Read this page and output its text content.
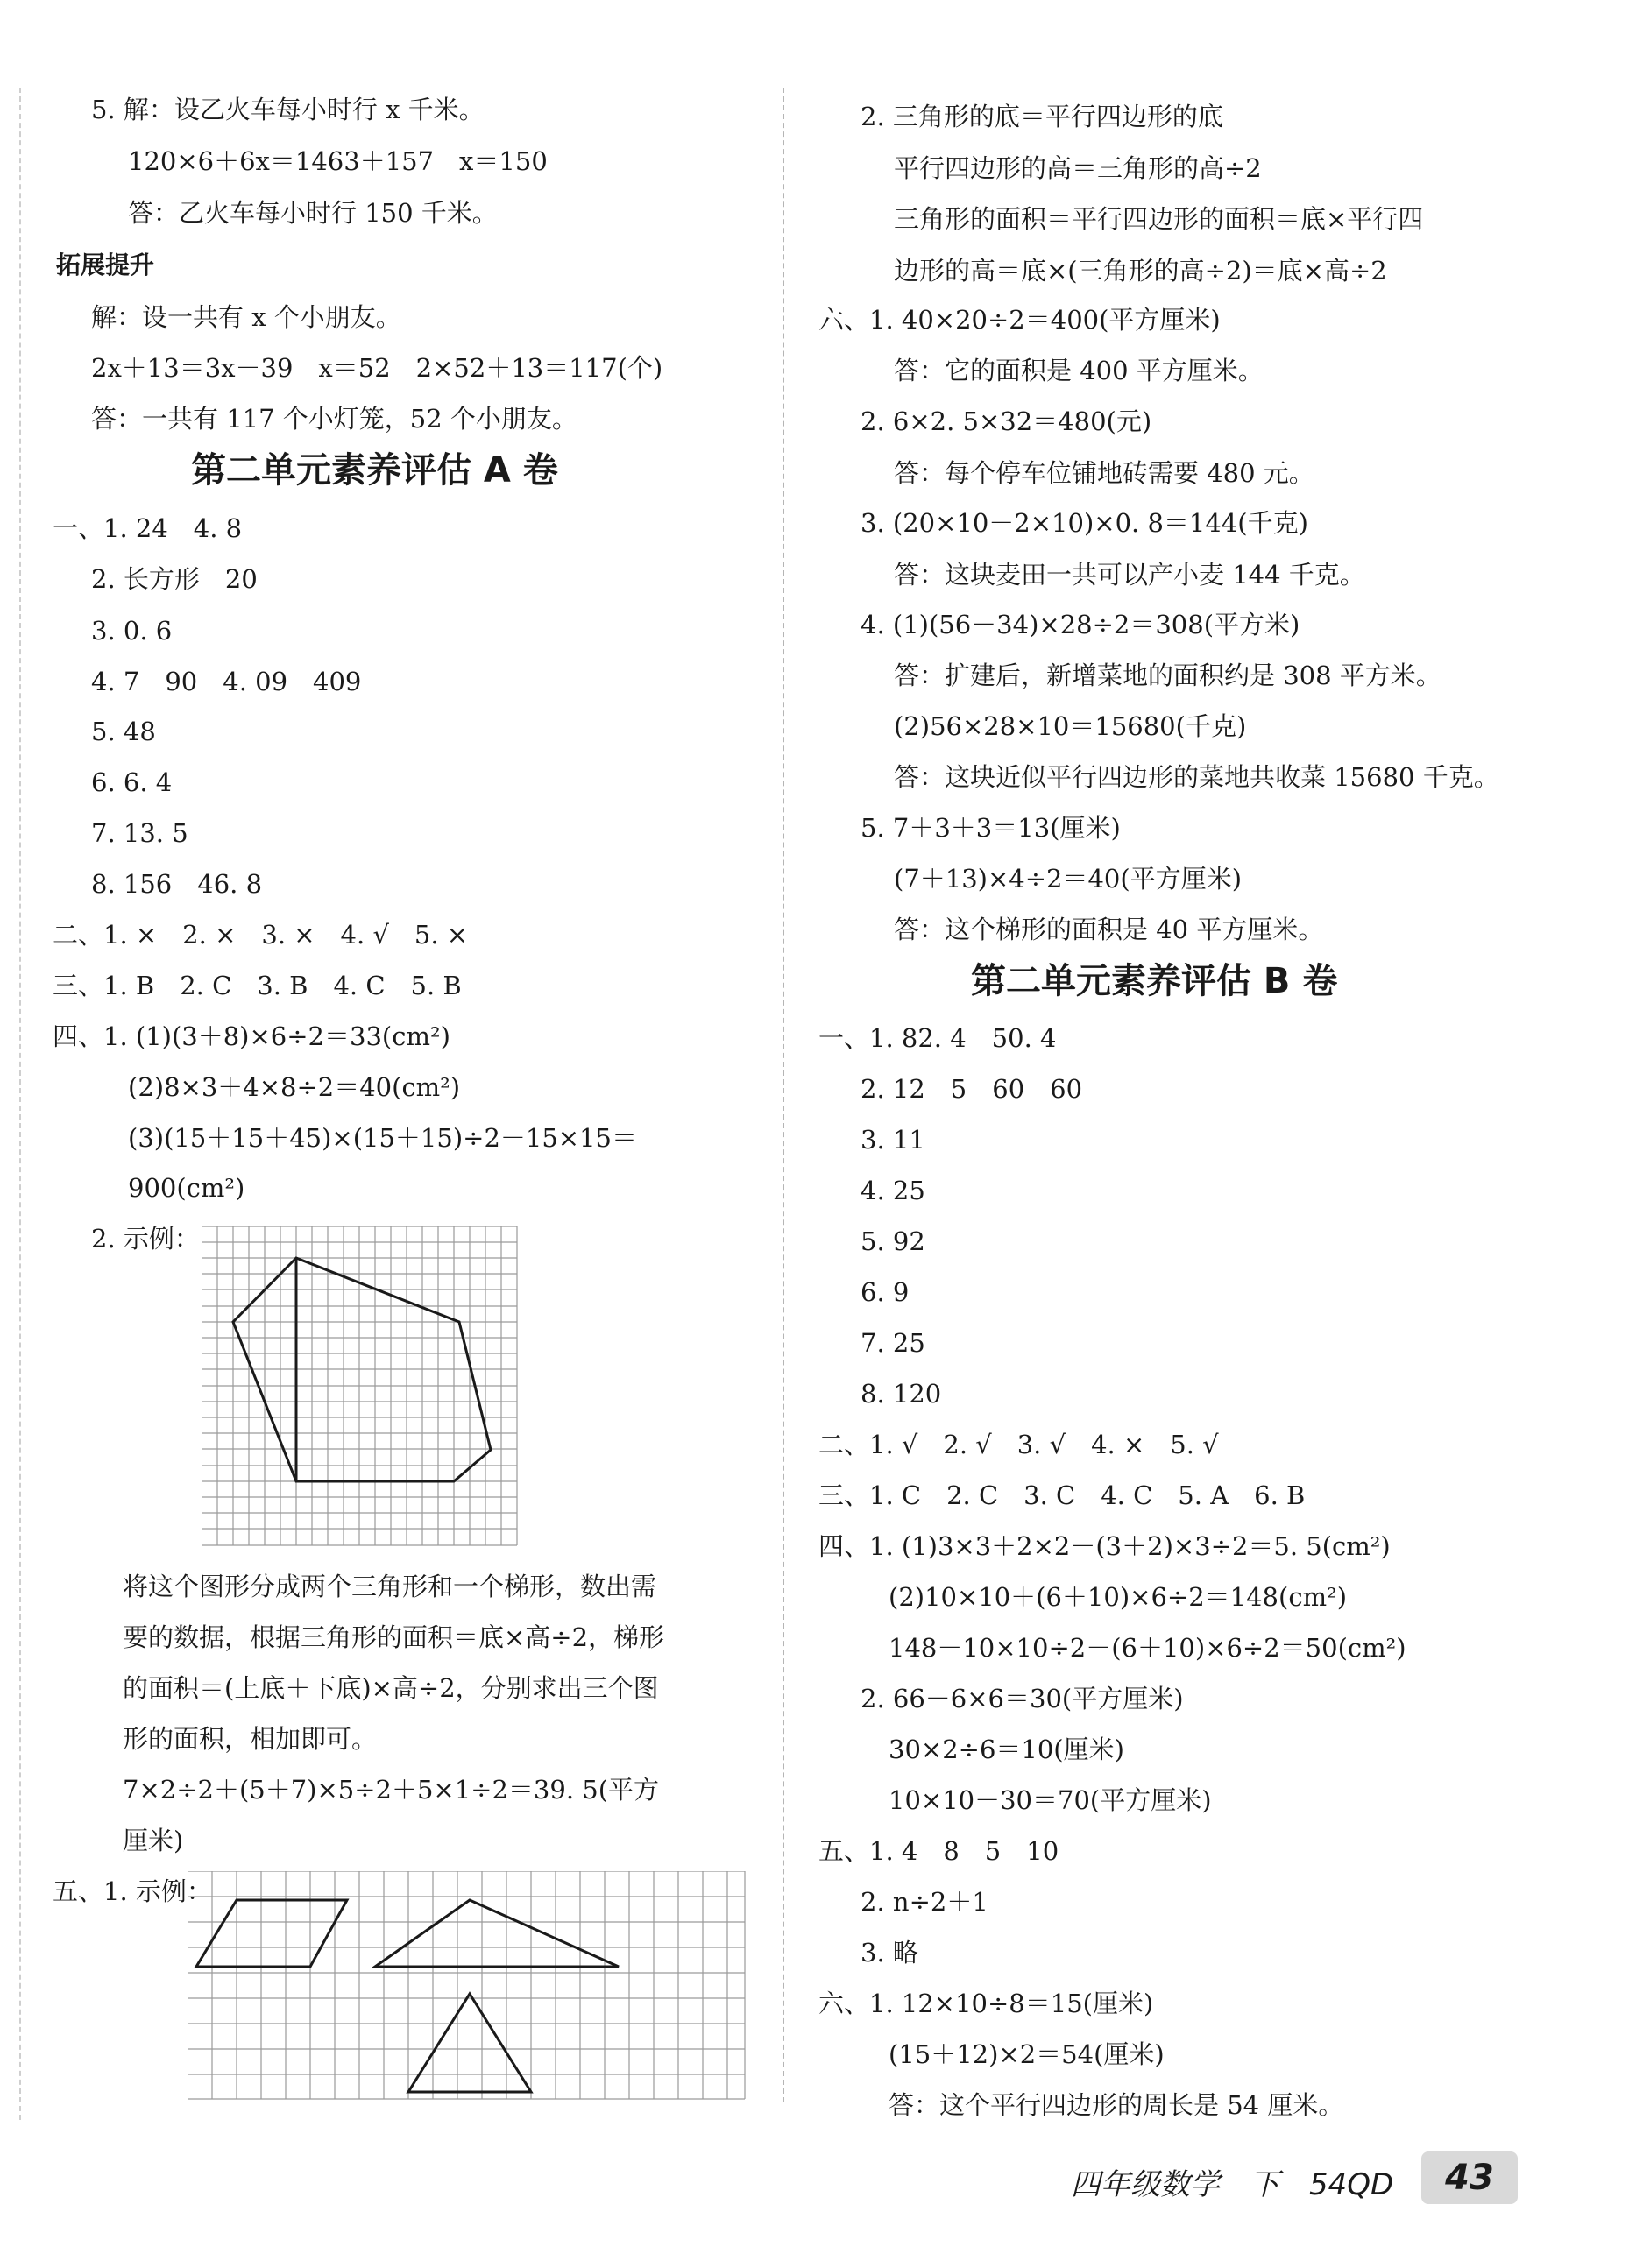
5. 解：设乙火车每小时行 x 千米。
120×6＋6x＝1463＋157　x＝150
答：乙火车每小时行 150 千米。
拓展提升
解：设一共有 x 个小朋友。
2x＋13＝3x－39　x＝52　2×52＋13＝117(个)
答：一共有 117 个小灯笼，52 个小朋友。
第二单元素养评估 A 卷
一、1. 24　4. 8
2. 长方形　20
3. 0. 6
4. 7　90　4. 09　409
5. 48
6. 6. 4
7. 13. 5
8. 156　46. 8
二、1. ×　2. ×　3. ×　4. √　5. ×
三、1. B　2. C　3. B　4. C　5. B
四、1. (1)(3＋8)×6÷2＝33(cm²)
(2)8×3＋4×8÷2＝40(cm²)
(3)(15＋15＋45)×(15＋15)÷2－15×15＝
900(cm²)
2. 示例：
将这个图形分成两个三角形和一个梯形，数出需
要的数据，根据三角形的面积＝底×高÷2，梯形
的面积＝(上底＋下底)×高÷2，分别求出三个图
形的面积，相加即可。
7×2÷2＋(5＋7)×5÷2＋5×1÷2＝39. 5(平方
厘米)
五、1. 示例：
2. 三角形的底＝平行四边形的底
平行四边形的高＝三角形的高÷2
三角形的面积＝平行四边形的面积＝底×平行四
边形的高＝底×(三角形的高÷2)＝底×高÷2
六、1. 40×20÷2＝400(平方厘米)
答：它的面积是 400 平方厘米。
2. 6×2. 5×32＝480(元)
答：每个停车位铺地砖需要 480 元。
3. (20×10－2×10)×0. 8＝144(千克)
答：这块麦田一共可以产小麦 144 千克。
4. (1)(56－34)×28÷2＝308(平方米)
答：扩建后，新增菜地的面积约是 308 平方米。
(2)56×28×10＝15680(千克)
答：这块近似平行四边形的菜地共收菜 15680 千克。
5. 7＋3＋3＝13(厘米)
(7＋13)×4÷2＝40(平方厘米)
答：这个梯形的面积是 40 平方厘米。
第二单元素养评估 B 卷
一、1. 82. 4　50. 4
2. 12　5　60　60
3. 11
4. 25
5. 92
6. 9
7. 25
8. 120
二、1. √　2. √　3. √　4. ×　5. √
三、1. C　2. C　3. C　4. C　5. A　6. B
四、1. (1)3×3＋2×2－(3＋2)×3÷2＝5. 5(cm²)
(2)10×10＋(6＋10)×6÷2＝148(cm²)
148－10×10÷2－(6＋10)×6÷2＝50(cm²)
2. 66－6×6＝30(平方厘米)
30×2÷6＝10(厘米)
10×10－30＝70(平方厘米)
五、1. 4　8　5　10
2. n÷2＋1
3. 略
六、1. 12×10÷8＝15(厘米)
(15＋12)×2＝54(厘米)
答：这个平行四边形的周长是 54 厘米。
四年级数学　下　54QD	43
